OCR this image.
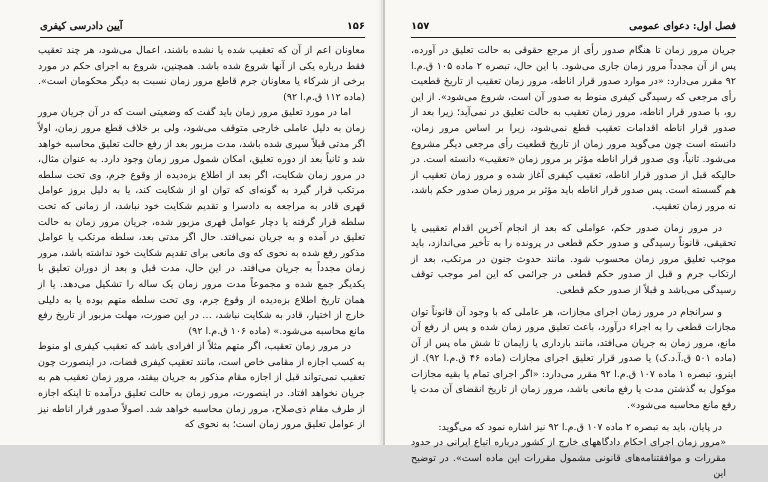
۱۵۶
آیین دادرسی کیفری

معاونان اعم از آن که تعقیب شده یا نشده باشند، اعمال می‌شود، هر چند تعقیب فقط درباره یکی از آنها شروع شده باشد. همچنین، شروع به اجرای حکم در مورد برخی از شرکاء یا معاونان جرم قاطع مرور زمان نسبت به دیگر محکومان است». (ماده ۱۱۲ ق.م.ا ۹۲)

اما در مورد تعلیق مرور زمان باید گفت که وضعیتی است که در آن جریان مرور زمان به دلیل عاملی خارجی متوقف می‌شود، ولی بر خلاف قطع مرور زمان، اولاً اگر مدتی قبلاً سپری شده باشد، مدت مزبور بعد از رفع حالت تعلیق محاسبه خواهد شد و ثانیاً بعد از دوره تعلیق، امکان شمول مرور زمان وجود دارد. به عنوان مثال، در مرور زمان شکایت، اگر بعد از اطلاع بزه‌دیده از وقوع جرم، وی تحت سلطه مرتکب قرار گیرد به گونه‌ای که توان او از شکایت کند، یا به دلیل بروز عوامل قهری قادر به مراجعه به دادسرا و تقدیم شکایت خود نباشد، از زمانی که تحت سلطه قرار گرفته یا دچار عوامل قهری مزبور شده، جریان مرور زمان به حالت تعلیق در آمده و به جریان نمی‌افتد. حال اگر مدتی بعد، سلطه مرتکب یا عوامل مذکور رفع شده به نحوی که وی مانعی برای تقدیم شکایت خود نداشته باشد، مرور زمان مجدداً به جریان می‌افتد. در این حال، مدت قبل و بعد از دوران تعلیق با یکدیگر جمع شده و مجموعاً مدت مرور زمان یک ساله را تشکیل می‌دهد. یا از همان تاریخ اطلاع بزه‌دیده از وقوع جرم، وی تحت سلطه متهم بوده یا به دلیلی خارج از اختیار، قادر به شکایت نباشد، … در این صورت، مهلت مزبور از تاریخ رفع مانع محاسبه می‌شود.» (ماده ۱۰۶ ق.م.ا ۹۲)

در مرور زمان تعقیب، اگر متهم مثلاً از افرادی باشد که تعقیب کیفری او منوط به کسب اجازه از مقامی خاص است، مانند تعقیب کیفری قضات، در اینصورت چون تعقیب نمی‌تواند قبل از اجازه مقام مذکور به جریان بیفتد، مرور زمان تعقیب هم به جریان نخواهد افتاد. در اینصورت، مرور زمان به حالت تعلیق درآمده تا اینکه اجازه از طرف مقام ذی‌صلاح، مرور زمان محاسبه خواهد شد. اصولاً صدور قرار اناطه نیز از عوامل تعلیق مرور زمان است؛ به نحوی که

فصل اول: دعوای عمومی
۱۵۷

جریان مرور زمان تا هنگام صدور رأی از مرجع حقوقی به حالت تعلیق در آورده، پس از آن مجدداً مرور زمان جاری می‌شود. با این حال، تبصره ۲ ماده ۱۰۵ ق.م.ا ۹۲ مقرر می‌دارد: «در موارد صدور قرار اناطه، مرور زمان تعقیب از تاریخ قطعیت رأی مرجعی که رسیدگی کیفری منوط به صدور آن است، شروع می‌شود». از این رو، با صدور قرار اناطه، مرور زمان تعقیب به حالت تعلیق در نمی‌آید؛ زیرا بعد از صدور قرار اناطه اقدامات تعقیب قطع نمی‌شود، زیرا بر اساس مرور زمان، دانسته است چون می‌گوید مرور زمان از تاریخ قطعیت رأی مرجعی دیگر مشروع می‌شود. ثانیاً، وی صدور قرار اناطه مؤثر بر مرور زمان «تعقیب» دانسته است. در حالیکه قبل از صدور قرار اناطه، تعقیب کیفری آغاز شده و مرور زمان تعقیب از هم گسسته است. پس صدور قرار اناطه باید مؤثر بر مرور زمان صدور حکم باشد، نه مرور زمان تعقیب.

در مرور زمان صدور حکم، عواملی که بعد از انجام آخرین اقدام تعقیبی یا تحقیقی، قانوناً رسیدگی و صدور حکم قطعی در پرونده را به تأخیر می‌اندازد، باید موجب تعلیق مرور زمان محسوب شود. مانند حدوث جنون در مرتکب، بعد از ارتکاب جرم و قبل از صدور حکم قطعی در جرائمی که این امر موجب توقف رسیدگی می‌باشد و قبلاً از صدور حکم قطعی.

و سرانجام در مرور زمان اجرای مجازات، هر عاملی که با وجود آن قانوناً توان مجازات قطعی را به اجراء درآورد، باعث تعلیق مرور زمان شده و پس از رفع آن مانع، مرور زمان به جریان می‌افتد، مانند بارداری یا زایمان تا شش ماه پس از آن (ماده ۵۰۱ ق.آ.د.ک) یا صدور قرار تعلیق اجرای مجازات (ماده ۴۶ ق.م.ا ۹۲). از اینرو، تبصره ۱ ماده ۱۰۷ ق.م.ا ۹۲ مقرر می‌دارد: «اگر اجرای تمام یا بقیه مجازات موکول به گذشتن مدت یا رفع مانعی باشد، مرور زمان از تاریخ انقضای آن مدت یا رفع مانع محاسبه می‌شود».

در پایان، باید به تبصره ۲ ماده ۱۰۷ ق.م.ا ۹۲ نیز اشاره نمود که می‌گوید:

«مرور زمان اجرای احکام دادگاههای خارج از کشور درباره اتباع ایرانی در حدود مقررات و موافقتنامه‌های قانونی مشمول مقررات این ماده است». در توضیح این
